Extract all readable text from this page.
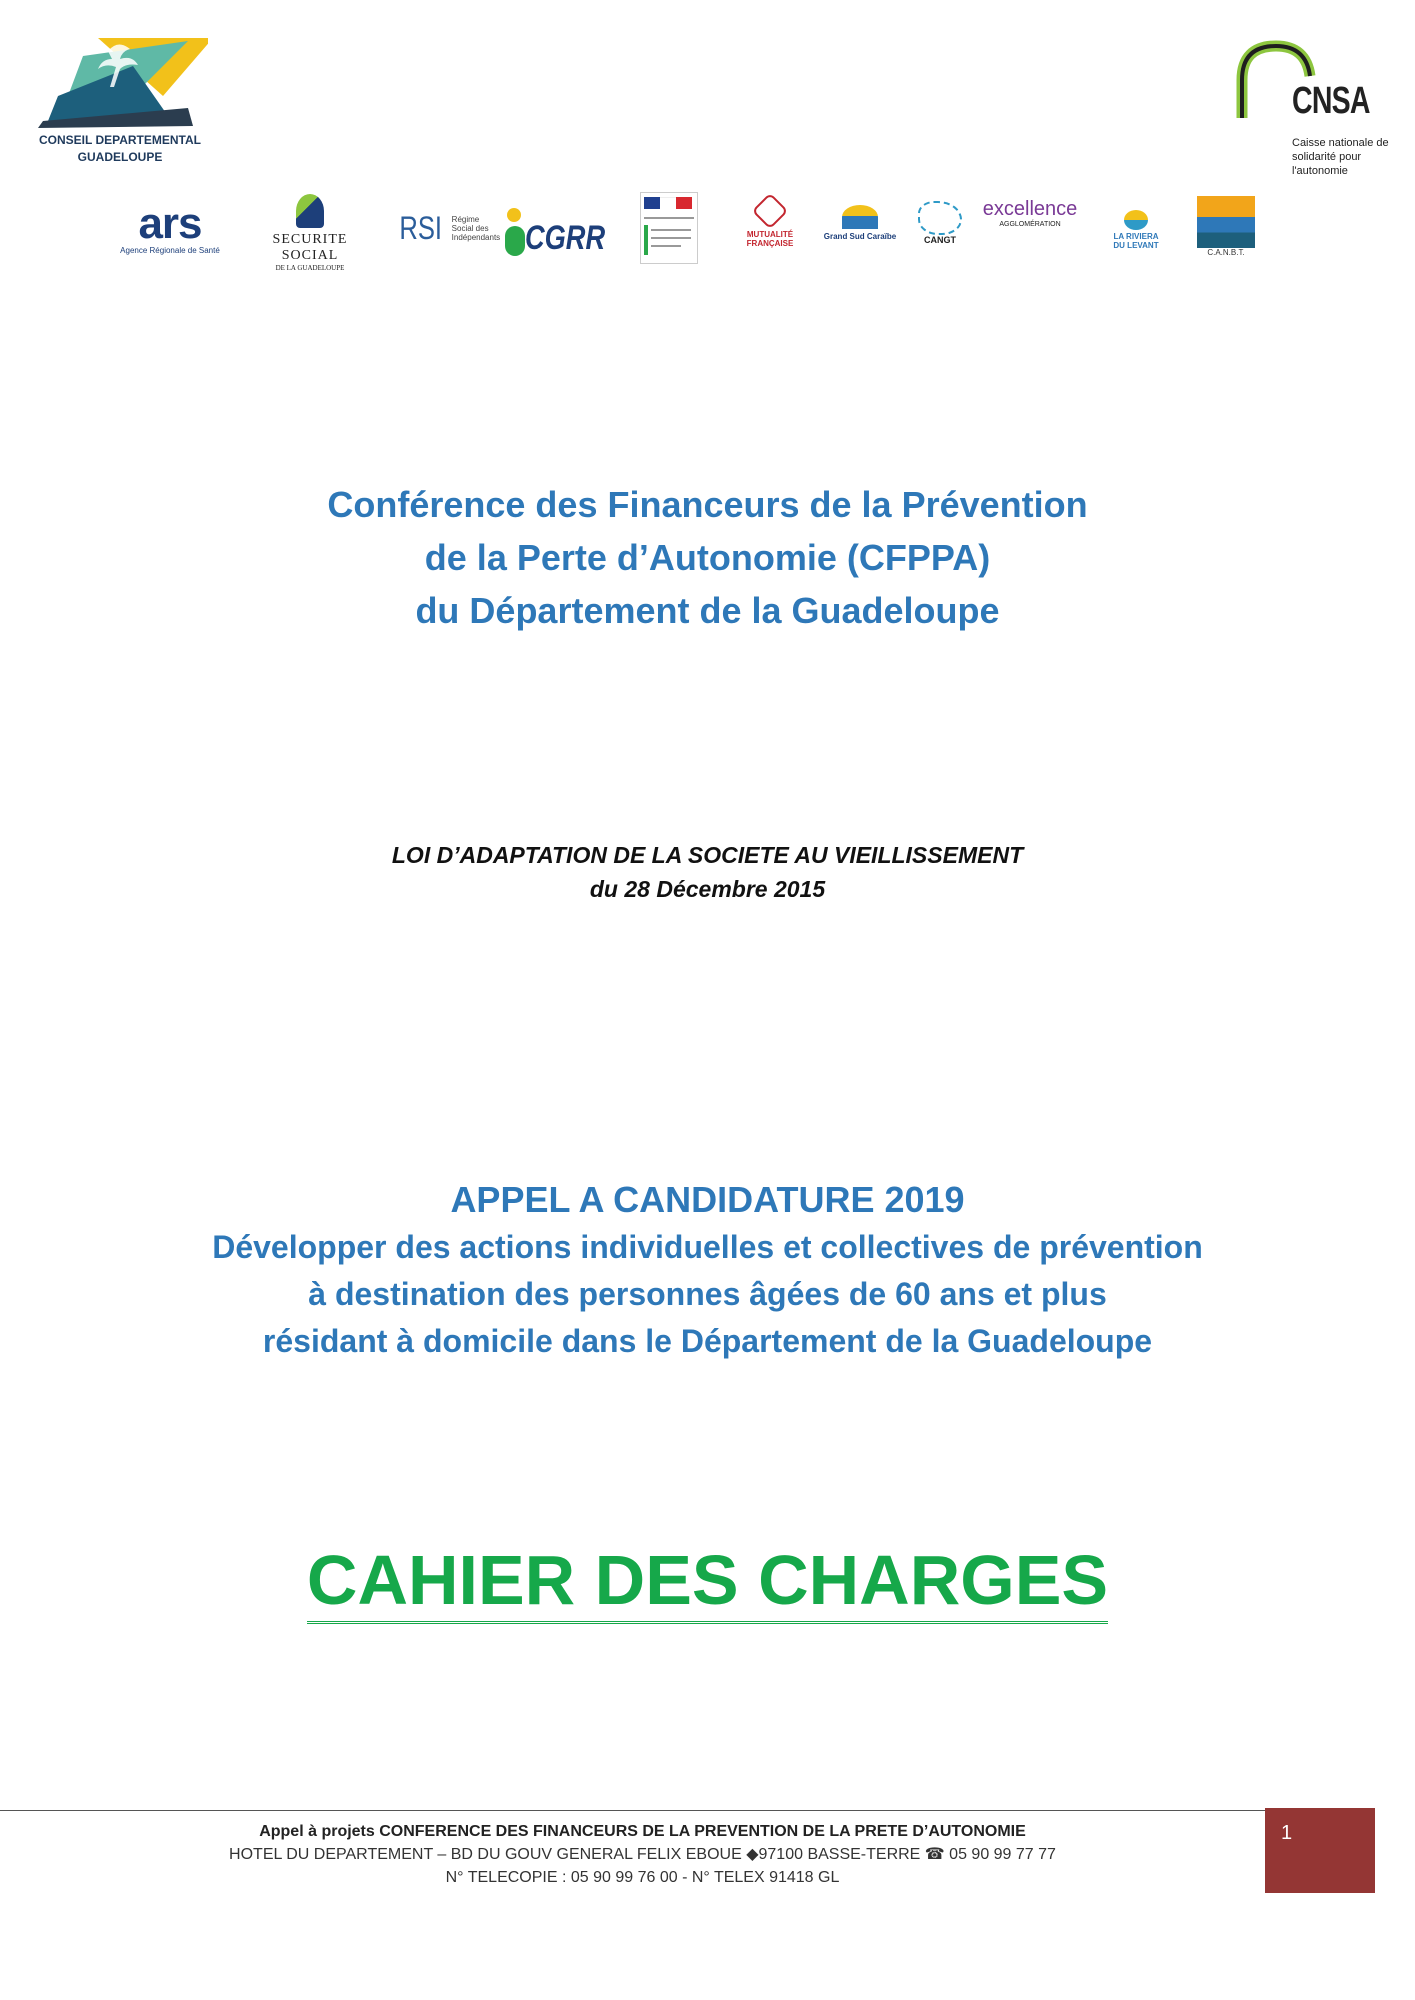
CONSEIL DEPARTEMENTAL
GUADELOUPE
CNSA
Caisse nationale de
solidarité pour l'autonomie
ars
Agence Régionale de Santé
SECURITE SOCIAL
DE LA GUADELOUPE
RSI Régime Social des Indépendants CGRR	MUTUALITÉ
FRANÇAISE
Grand Sud Caraïbe	CANGT
excellence
AGGLOMÉRATION
LA RIVIERA
DU LEVANT
C.A.N.B.T.
Conférence des Financeurs de la Prévention
de la Perte d’Autonomie (CFPPA)
du Département de la Guadeloupe
LOI D’ADAPTATION DE LA SOCIETE AU VIEILLISSEMENT
du 28 Décembre 2015
APPEL A CANDIDATURE 2019
Développer des actions individuelles et collectives de prévention
à destination des personnes âgées de 60 ans et plus
résidant à domicile dans le Département de la Guadeloupe
CAHIER DES CHARGES
Appel à projets CONFERENCE DES FINANCEURS DE LA PREVENTION DE LA PRETE D’AUTONOMIE
HOTEL DU DEPARTEMENT – BD DU GOUV GENERAL FELIX EBOUE ◆97100 BASSE-TERRE ☎ 05 90 99 77 77
N° TELECOPIE : 05 90 99 76 00 - N° TELEX 91418 GL
1
